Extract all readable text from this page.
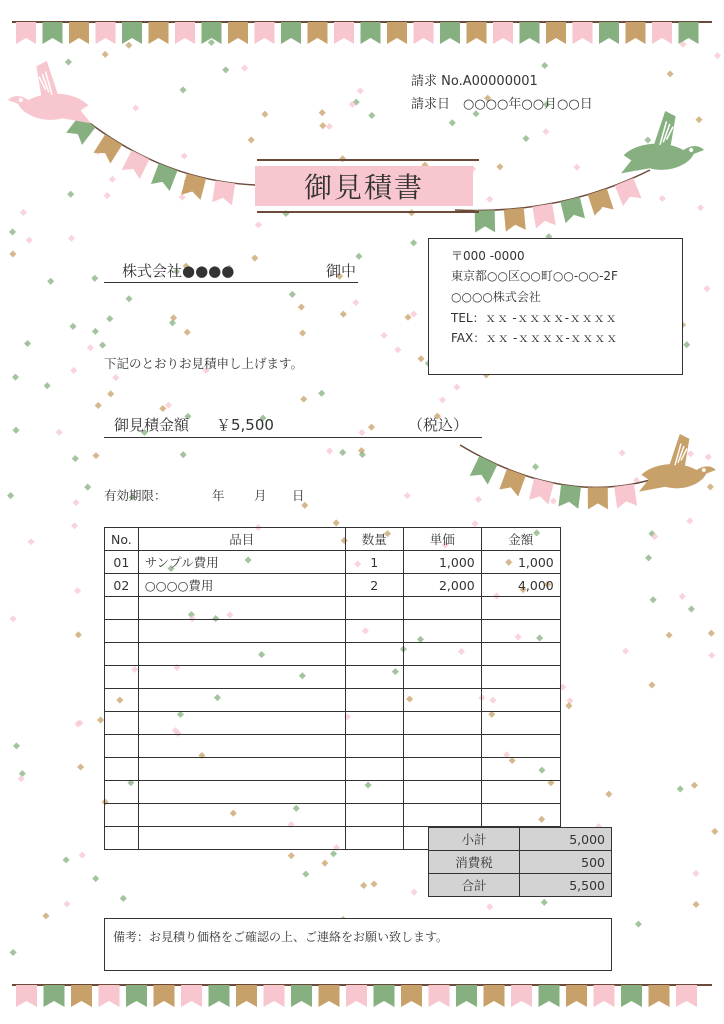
請求 No.A00000001
請求日　○○○○年○○月○○日
御見積書
株式会社●●●●	御中
〒000 -0000
東京都○○区○○町○○-○○-2F
○○○○株式会社
TEL：ｘｘ -ｘｘｘｘ-ｘｘｘｘ
FAX：ｘｘ -ｘｘｘｘ-ｘｘｘｘ
下記のとおりお見積申し上げます。
御見積金額 ￥5,500	（税込）
有効期限：	年 月 日
No.	品目	数量	単価	金額
01	サンプル費用	1	1,000	1,000
02	○○○○費用	2	2,000	4,000

小計	5,000
消費税	500
合計	5,500
備考：お見積り価格をご確認の上、ご連絡をお願い致します。
